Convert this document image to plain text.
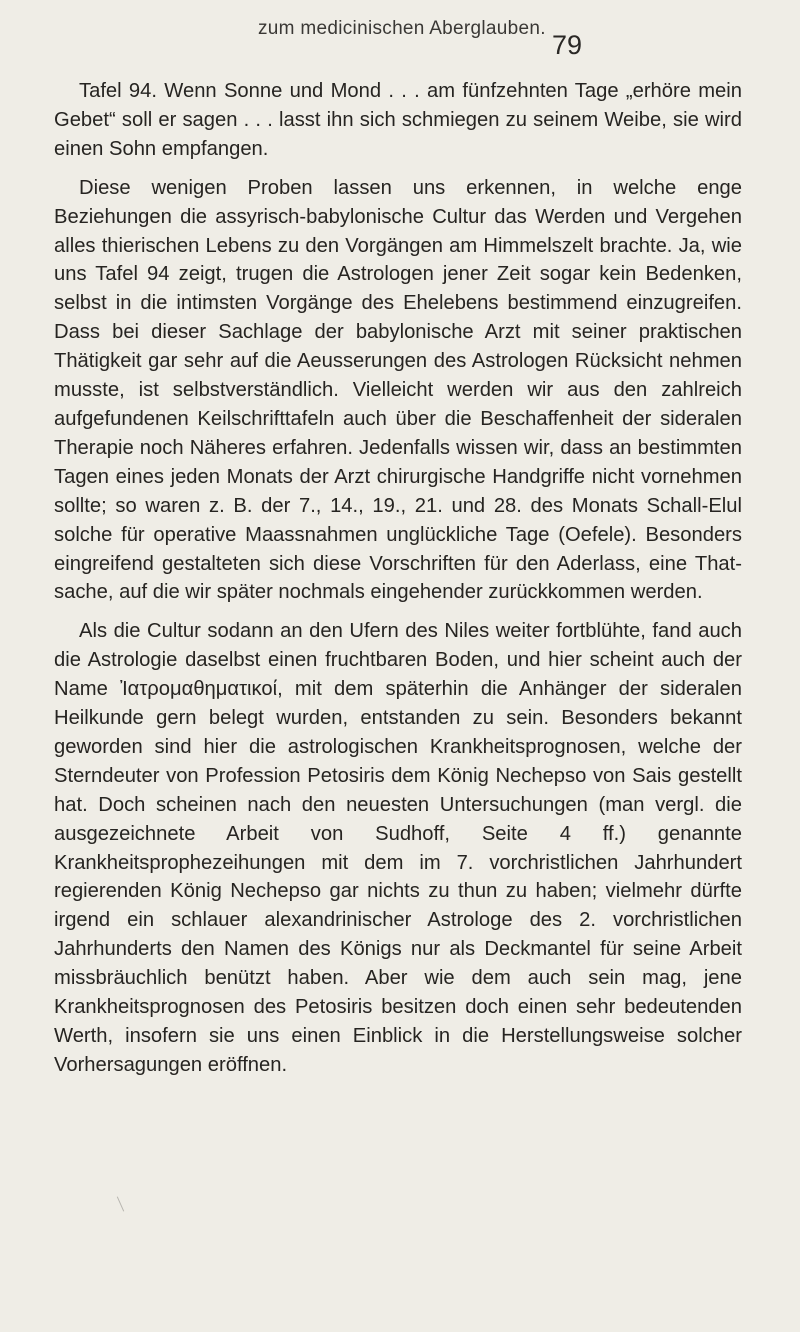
zum medicinischen Aberglauben.
79

Tafel 94. Wenn Sonne und Mond . . . am fünfzehnten Tage „erhöre mein Gebet“ soll er sagen . . . lasst ihn sich schmiegen zu seinem Weibe, sie wird einen Sohn empfangen.

Diese wenigen Proben lassen uns erkennen, in welche enge Beziehungen die assyrisch-babylonische Cultur das Werden und Vergehen alles thierischen Lebens zu den Vorgängen am Himmelszelt brachte. Ja, wie uns Tafel 94 zeigt, trugen die Astrologen jener Zeit sogar kein Bedenken, selbst in die intimsten Vorgänge des Ehelebens bestimmend einzugreifen. Dass bei dieser Sachlage der babylonische Arzt mit seiner praktischen Thätigkeit gar sehr auf die Aeusserungen des Astrologen Rücksicht nehmen musste, ist selbstverständlich. Vielleicht werden wir aus den zahlreich aufgefundenen Keilschrifttafeln auch über die Beschaffenheit der sideralen Therapie noch Näheres erfahren. Jedenfalls wissen wir, dass an bestimmten Tagen eines jeden Monats der Arzt chirurgische Handgriffe nicht vornehmen sollte; so waren z. B. der 7., 14., 19., 21. und 28. des Monats Schall-Elul solche für operative Maassnahmen unglückliche Tage (Oefele). Besonders eingreifend gestalteten sich diese Vorschriften für den Aderlass, eine Thatsache, auf die wir später nochmals eingehender zurückkommen werden.

Als die Cultur sodann an den Ufern des Niles weiter fortblühte, fand auch die Astrologie daselbst einen fruchtbaren Boden, und hier scheint auch der Name Ἰατρομαθηματικοί, mit dem späterhin die Anhänger der sideralen Heilkunde gern belegt wurden, entstanden zu sein. Besonders bekannt geworden sind hier die astrologischen Krankheitsprognosen, welche der Sterndeuter von Profession Petosiris dem König Nechepso von Sais gestellt hat. Doch scheinen nach den neuesten Untersuchungen (man vergl. die ausgezeichnete Arbeit von Sudhoff, Seite 4 ff.) genannte Krankheitsprophezeihungen mit dem im 7. vorchristlichen Jahrhundert regierenden König Nechepso gar nichts zu thun zu haben; vielmehr dürfte irgend ein schlauer alexandrinischer Astrologe des 2. vorchristlichen Jahrhunderts den Namen des Königs nur als Deckmantel für seine Arbeit missbräuchlich benützt haben. Aber wie dem auch sein mag, jene Krankheitsprognosen des Petosiris besitzen doch einen sehr bedeutenden Werth, insofern sie uns einen Einblick in die Herstellungsweise solcher Vorhersagungen eröffnen.
